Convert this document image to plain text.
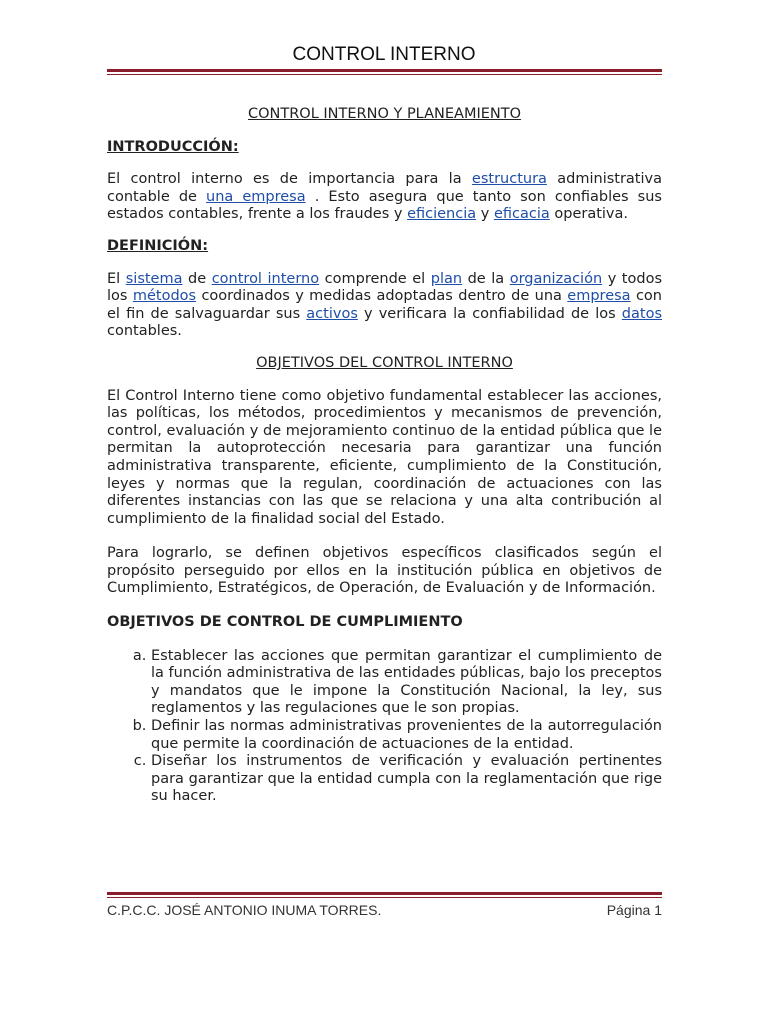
CONTROL INTERNO
CONTROL INTERNO Y PLANEAMIENTO
INTRODUCCIÓN:

El control interno es de importancia para la estructura administrativa contable de una empresa . Esto asegura que tanto son confiables sus estados contables, frente a los fraudes y eficiencia y eficacia operativa.

DEFINICIÓN:

El sistema de control interno comprende el plan de la organización y todos los métodos coordinados y medidas adoptadas dentro de una empresa con el fin de salvaguardar sus activos y verificara la confiabilidad de los datos contables.

OBJETIVOS DEL CONTROL INTERNO

El Control Interno tiene como objetivo fundamental establecer las acciones, las políticas, los métodos, procedimientos y mecanismos de prevención, control, evaluación y de mejoramiento continuo de la entidad pública que le permitan la autoprotección necesaria para garantizar una función administrativa transparente, eficiente, cumplimiento de la Constitución, leyes y normas que la regulan, coordinación de actuaciones con las diferentes instancias con las que se relaciona y una alta contribución al cumplimiento de la finalidad social del Estado.

Para lograrlo, se definen objetivos específicos clasificados según el propósito perseguido por ellos en la institución pública en objetivos de Cumplimiento, Estratégicos, de Operación, de Evaluación y de Información.

OBJETIVOS DE CONTROL DE CUMPLIMIENTO
a. Establecer las acciones que permitan garantizar el cumplimiento de la función administrativa de las entidades públicas, bajo los preceptos y mandatos que le impone la Constitución Nacional, la ley, sus reglamentos y las regulaciones que le son propias.
b. Definir las normas administrativas provenientes de la autorregulación que permite la coordinación de actuaciones de la entidad.
c. Diseñar los instrumentos de verificación y evaluación pertinentes para garantizar que la entidad cumpla con la reglamentación que rige su hacer.
C.P.C.C. JOSÉ ANTONIO INUMA TORRES.	Página 1
